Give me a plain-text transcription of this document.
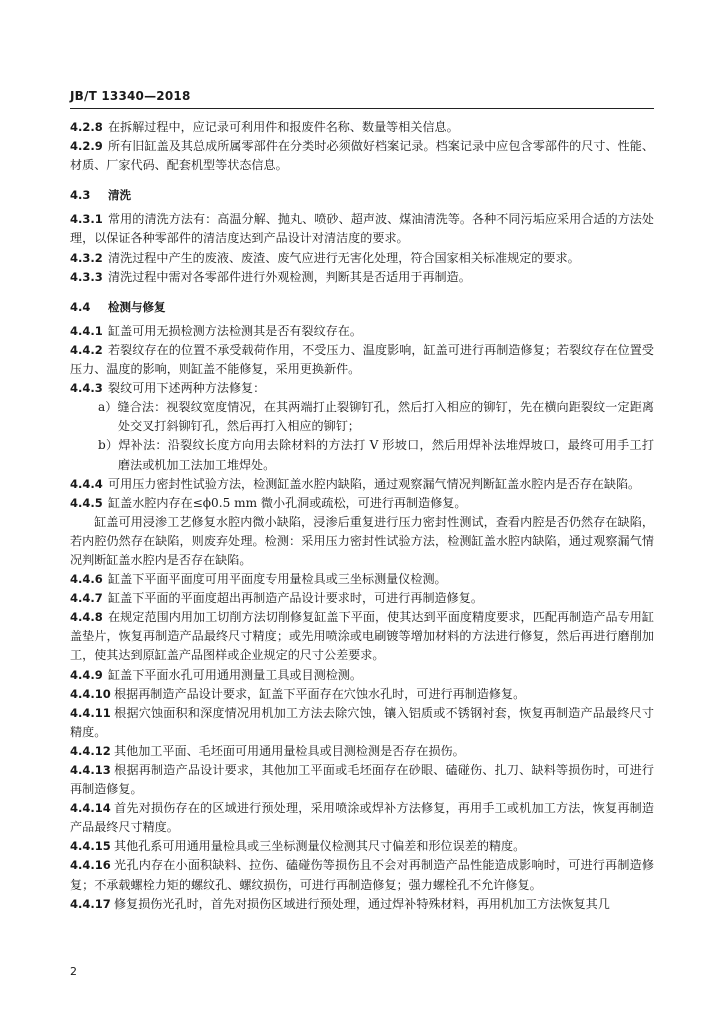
JB/T 13340—2018
4.2.8 在拆解过程中，应记录可利用件和报废件名称、数量等相关信息。
4.2.9 所有旧缸盖及其总成所属零部件在分类时必须做好档案记录。档案记录中应包含零部件的尺寸、性能、材质、厂家代码、配套机型等状态信息。
4.3 清洗
4.3.1 常用的清洗方法有：高温分解、抛丸、喷砂、超声波、煤油清洗等。各种不同污垢应采用合适的方法处理，以保证各种零部件的清洁度达到产品设计对清洁度的要求。
4.3.2 清洗过程中产生的废液、废渣、废气应进行无害化处理，符合国家相关标准规定的要求。
4.3.3 清洗过程中需对各零部件进行外观检测，判断其是否适用于再制造。
4.4 检测与修复
4.4.1 缸盖可用无损检测方法检测其是否有裂纹存在。
4.4.2 若裂纹存在的位置不承受载荷作用，不受压力、温度影响，缸盖可进行再制造修复；若裂纹存在位置受压力、温度的影响，则缸盖不能修复，采用更换新件。
4.4.3 裂纹可用下述两种方法修复：
a）缝合法：视裂纹宽度情况，在其两端打止裂铆钉孔，然后打入相应的铆钉，先在横向距裂纹一定距离处交叉打斜铆钉孔，然后再打入相应的铆钉；
b）焊补法：沿裂纹长度方向用去除材料的方法打 V 形坡口，然后用焊补法堆焊坡口，最终可用手工打磨法或机加工法加工堆焊处。
4.4.4 可用压力密封性试验方法，检测缸盖水腔内缺陷，通过观察漏气情况判断缸盖水腔内是否存在缺陷。
4.4.5 缸盖水腔内存在≤ϕ0.5 mm 微小孔洞或疏松，可进行再制造修复。
缸盖可用浸渗工艺修复水腔内微小缺陷，浸渗后重复进行压力密封性测试，查看内腔是否仍然存在缺陷，若内腔仍然存在缺陷，则废弃处理。检测：采用压力密封性试验方法，检测缸盖水腔内缺陷，通过观察漏气情况判断缸盖水腔内是否存在缺陷。
4.4.6 缸盖下平面平面度可用平面度专用量检具或三坐标测量仪检测。
4.4.7 缸盖下平面的平面度超出再制造产品设计要求时，可进行再制造修复。
4.4.8 在规定范围内用加工切削方法切削修复缸盖下平面，使其达到平面度精度要求，匹配再制造产品专用缸盖垫片，恢复再制造产品最终尺寸精度；或先用喷涂或电刷镀等增加材料的方法进行修复，然后再进行磨削加工，使其达到原缸盖产品图样或企业规定的尺寸公差要求。
4.4.9 缸盖下平面水孔可用通用测量工具或目测检测。
4.4.10 根据再制造产品设计要求，缸盖下平面存在穴蚀水孔时，可进行再制造修复。
4.4.11 根据穴蚀面积和深度情况用机加工方法去除穴蚀，镶入铝质或不锈钢衬套，恢复再制造产品最终尺寸精度。
4.4.12 其他加工平面、毛坯面可用通用量检具或目测检测是否存在损伤。
4.4.13 根据再制造产品设计要求，其他加工平面或毛坯面存在砂眼、磕碰伤、扎刀、缺料等损伤时，可进行再制造修复。
4.4.14 首先对损伤存在的区域进行预处理，采用喷涂或焊补方法修复，再用手工或机加工方法，恢复再制造产品最终尺寸精度。
4.4.15 其他孔系可用通用量检具或三坐标测量仪检测其尺寸偏差和形位误差的精度。
4.4.16 光孔内存在小面积缺料、拉伤、磕碰伤等损伤且不会对再制造产品性能造成影响时，可进行再制造修复；不承载螺栓力矩的螺纹孔、螺纹损伤，可进行再制造修复；强力螺栓孔不允许修复。
4.4.17 修复损伤光孔时，首先对损伤区域进行预处理，通过焊补特殊材料，再用机加工方法恢复其几
2
